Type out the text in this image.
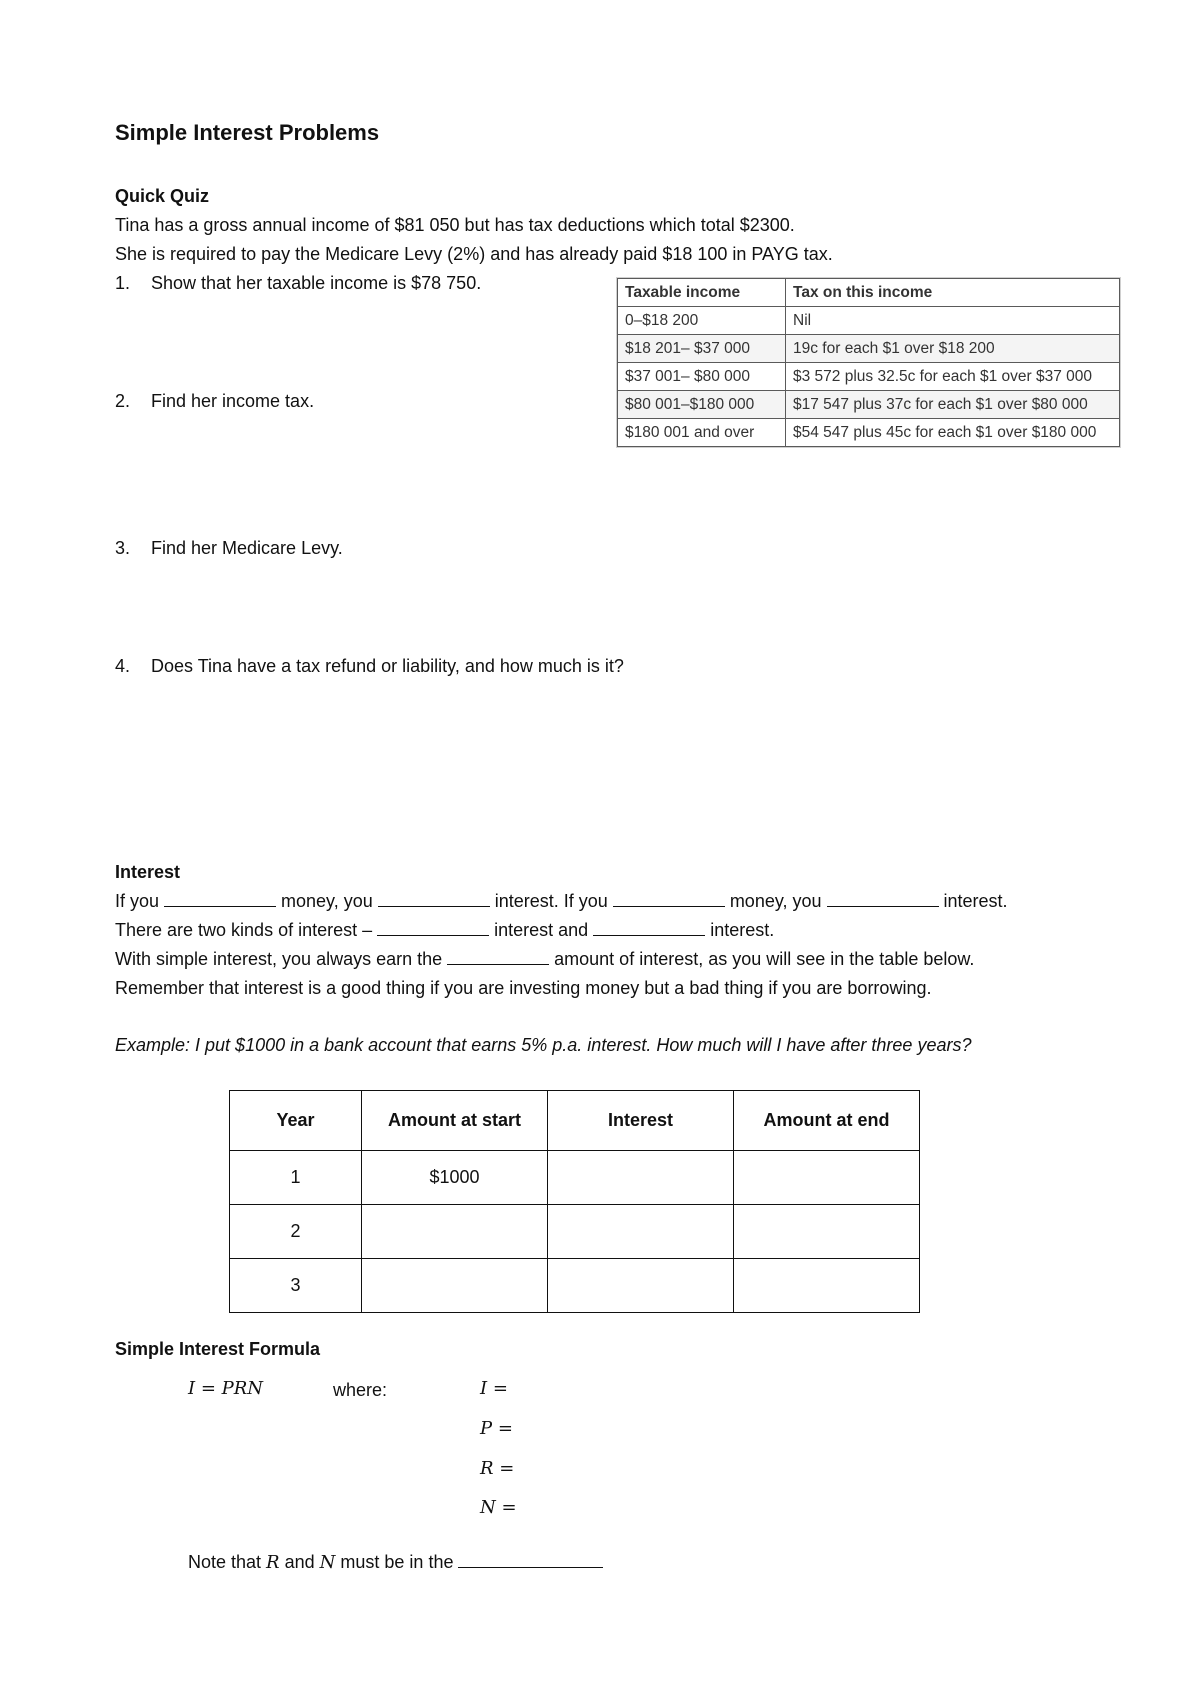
Simple Interest Problems
Quick Quiz
Tina has a gross annual income of $81 050 but has tax deductions which total $2300.
She is required to pay the Medicare Levy (2%) and has already paid $18 100 in PAYG tax.
1. Show that her taxable income is $78 750.
2. Find her income tax.
3. Find her Medicare Levy.
4. Does Tina have a tax refund or liability, and how much is it?
Taxable income	Tax on this income
0–$18 200	Nil
$18 201– $37 000	19c for each $1 over $18 200
$37 001– $80 000	$3 572 plus 32.5c for each $1 over $37 000
$80 001–$180 000	$17 547 plus 37c for each $1 over $80 000
$180 001 and over	$54 547 plus 45c for each $1 over $180 000
Interest
If you	money, you	interest. If you	money, you	interest.
There are two kinds of interest –	interest and	interest.
With simple interest, you always earn the	amount of interest, as you will see in the table below.
Remember that interest is a good thing if you are investing money but a bad thing if you are borrowing.
Example: I put $1000 in a bank account that earns 5% p.a. interest. How much will I have after three years?
Year	Amount at start	Interest	Amount at end
1	$1000		
2			
3			
Simple Interest Formula
I = PRN	where:	I =
P =
R =
N =
Note that R and N must be in the
